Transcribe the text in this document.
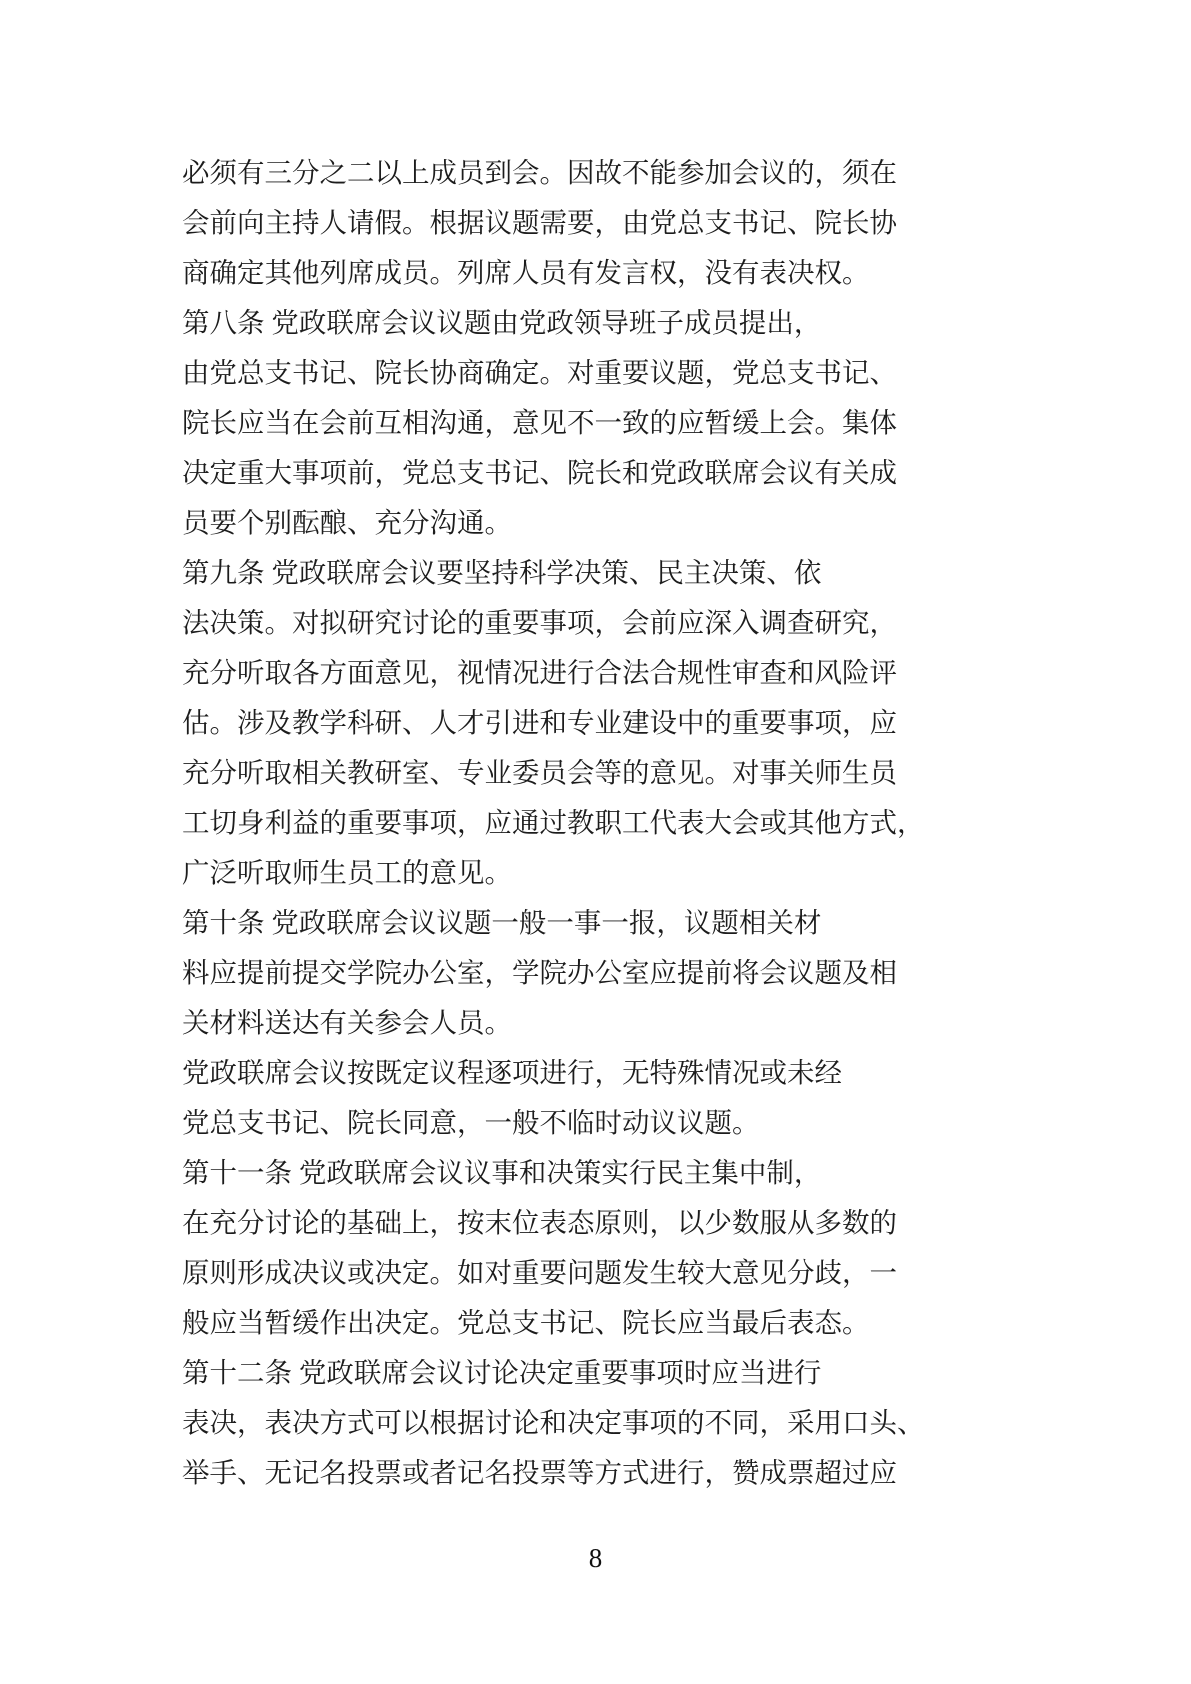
必须有三分之二以上成员到会。因故不能参加会议的，须在
会前向主持人请假。根据议题需要，由党总支书记、院长协
商确定其他列席成员。列席人员有发言权，没有表决权。
第八条 党政联席会议议题由党政领导班子成员提出，
由党总支书记、院长协商确定。对重要议题，党总支书记、
院长应当在会前互相沟通，意见不一致的应暂缓上会。集体
决定重大事项前，党总支书记、院长和党政联席会议有关成
员要个别酝酿、充分沟通。
第九条 党政联席会议要坚持科学决策、民主决策、依
法决策。对拟研究讨论的重要事项，会前应深入调查研究，
充分听取各方面意见，视情况进行合法合规性审查和风险评
估。涉及教学科研、人才引进和专业建设中的重要事项，应
充分听取相关教研室、专业委员会等的意见。对事关师生员
工切身利益的重要事项，应通过教职工代表大会或其他方式，
广泛听取师生员工的意见。
第十条 党政联席会议议题一般一事一报，议题相关材
料应提前提交学院办公室，学院办公室应提前将会议题及相
关材料送达有关参会人员。
党政联席会议按既定议程逐项进行，无特殊情况或未经
党总支书记、院长同意，一般不临时动议议题。
第十一条 党政联席会议议事和决策实行民主集中制，
在充分讨论的基础上，按末位表态原则，以少数服从多数的
原则形成决议或决定。如对重要问题发生较大意见分歧，一
般应当暂缓作出决定。党总支书记、院长应当最后表态。
第十二条 党政联席会议讨论决定重要事项时应当进行
表决，表决方式可以根据讨论和决定事项的不同，采用口头、
举手、无记名投票或者记名投票等方式进行，赞成票超过应
8
